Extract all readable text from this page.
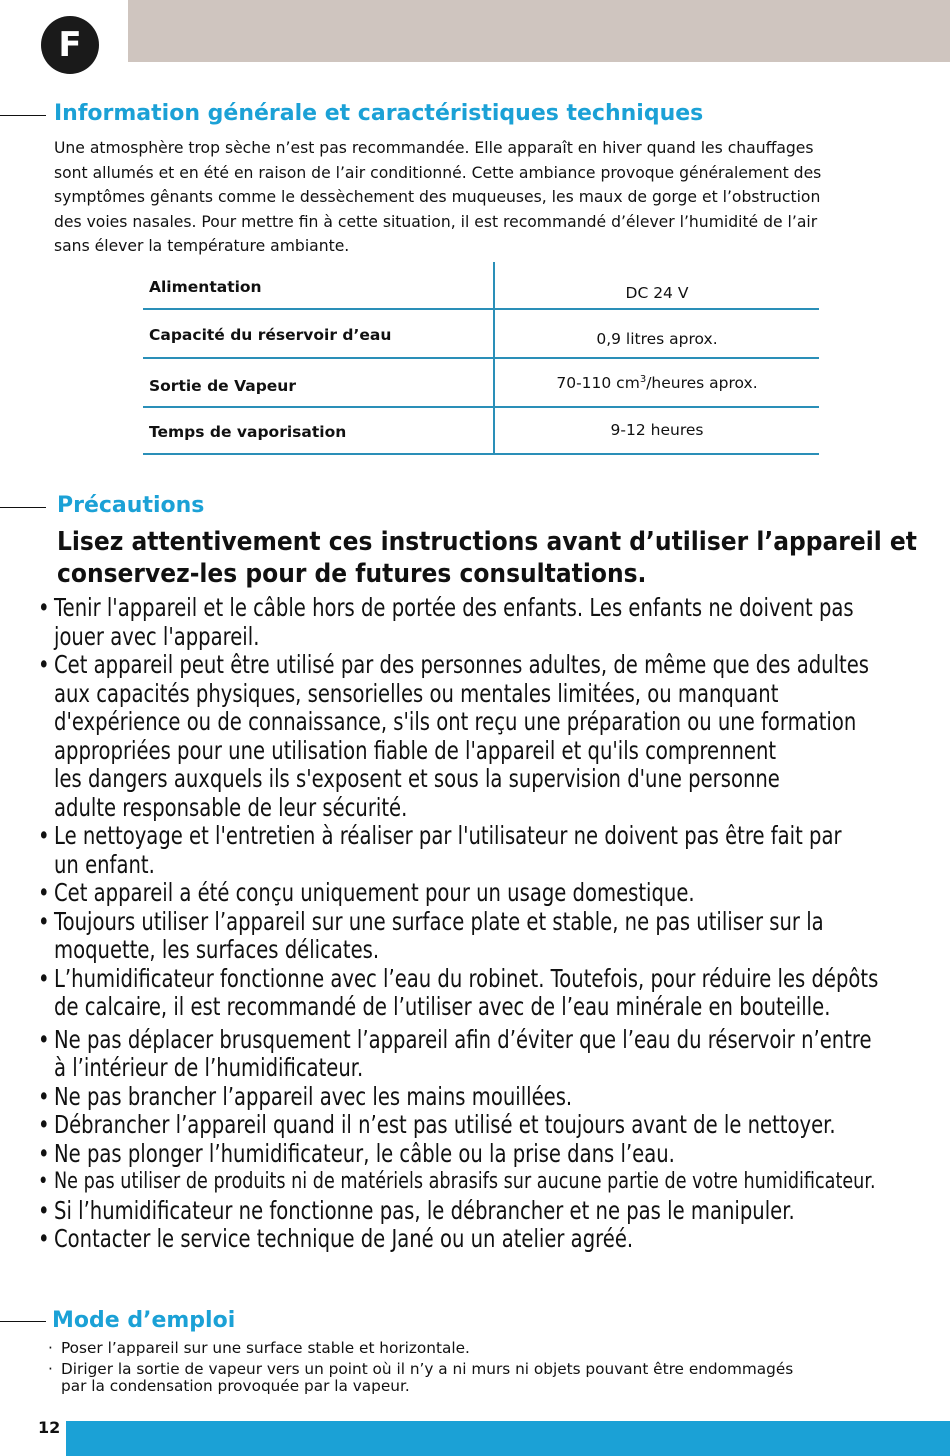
F
Information générale et caractéristiques techniques
Une atmosphère trop sèche n’est pas recommandée. Elle apparaît en hiver quand les chauffages
sont allumés et en été en raison de l’air conditionné. Cette ambiance provoque généralement des
symptômes gênants comme le dessèchement des muqueuses, les maux de gorge et l’obstruction
des voies nasales. Pour mettre fin à cette situation, il est recommandé d’élever l’humidité de l’air
sans élever la température ambiante.
Alimentation	DC 24 V
Capacité du réservoir d’eau	0,9 litres aprox.
Sortie de Vapeur	70-110 $cm^3$/heures aprox.
Temps de vaporisation	9-12 heures
Précautions
Lisez attentivement ces instructions avant d’utiliser l’appareil et
conservez-les pour de futures consultations.
• Tenir l'appareil et le câble hors de portée des enfants. Les enfants ne doivent pas
jouer avec l'appareil.
• Cet appareil peut être utilisé par des personnes adultes, de même que des adultes
aux capacités physiques, sensorielles ou mentales limitées, ou manquant
d'expérience ou de connaissance, s'ils ont reçu une préparation ou une formation
appropriées pour une utilisation fiable de l'appareil et qu'ils comprennent
les dangers auxquels ils s'exposent et sous la supervision d'une personne
adulte responsable de leur sécurité.
• Le nettoyage et l'entretien à réaliser par l'utilisateur ne doivent pas être fait par
un enfant.
• Cet appareil a été conçu uniquement pour un usage domestique.
• Toujours utiliser l’appareil sur une surface plate et stable, ne pas utiliser sur la
moquette, les surfaces délicates.
• L’humidificateur fonctionne avec l’eau du robinet. Toutefois, pour réduire les dépôts
de calcaire, il est recommandé de l’utiliser avec de l’eau minérale en bouteille.
• Ne pas déplacer brusquement l’appareil afin d’éviter que l’eau du réservoir n’entre
à l’intérieur de l’humidificateur.
• Ne pas brancher l’appareil avec les mains mouillées.
• Débrancher l’appareil quand il n’est pas utilisé et toujours avant de le nettoyer.
• Ne pas plonger l’humidificateur, le câble ou la prise dans l’eau.
• Ne pas utiliser de produits ni de matériels abrasifs sur aucune partie de votre humidificateur.
• Si l’humidificateur ne fonctionne pas, le débrancher et ne pas le manipuler.
• Contacter le service technique de Jané ou un atelier agréé.
Mode d’emploi
· Poser l’appareil sur une surface stable et horizontale.
· Diriger la sortie de vapeur vers un point où il n’y a ni murs ni objets pouvant être endommagés
par la condensation provoquée par la vapeur.
12
